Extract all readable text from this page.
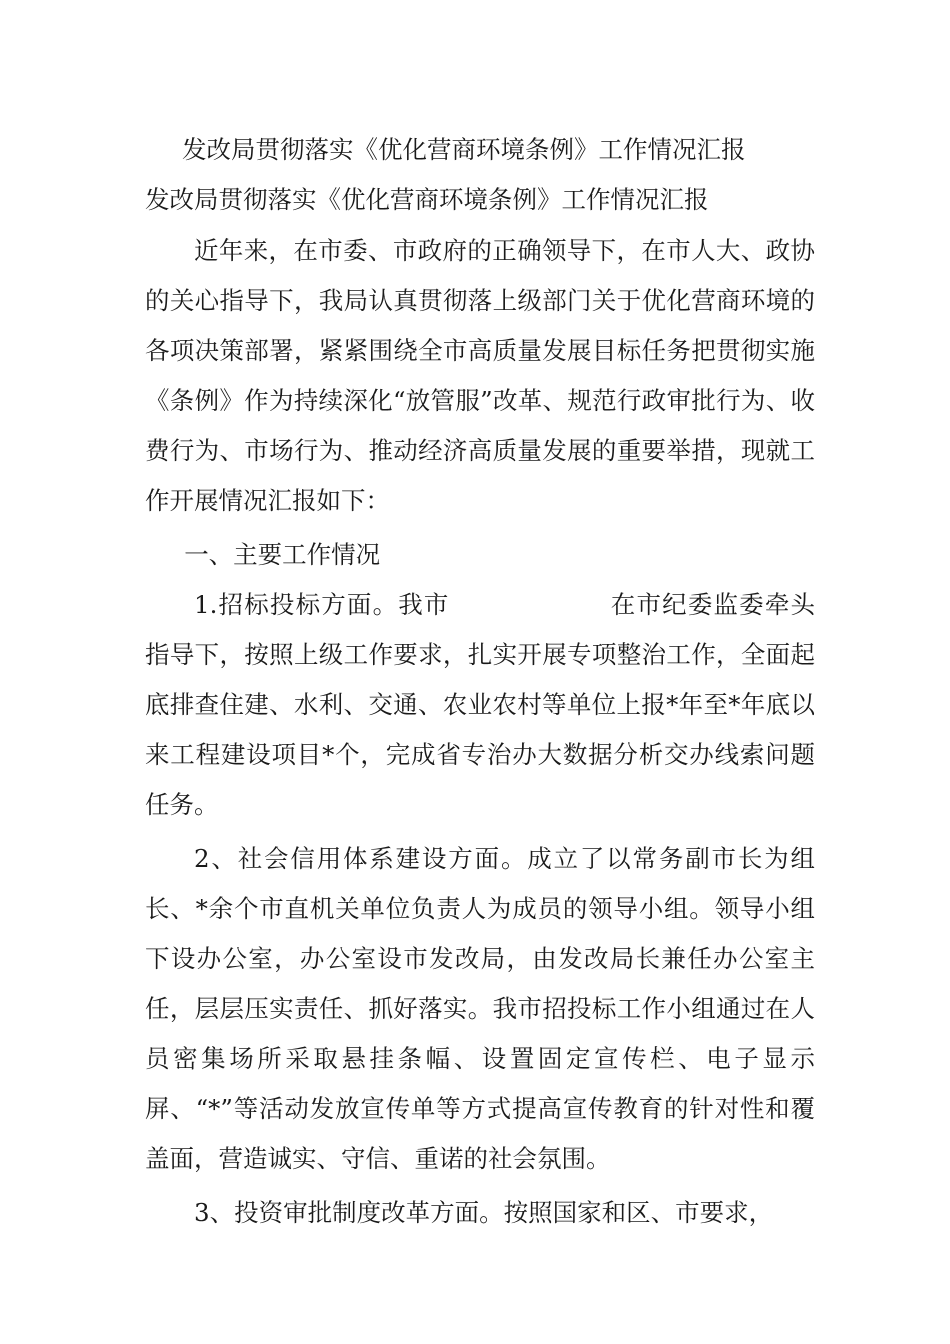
发改局贯彻落实《优化营商环境条例》工作情况汇报
发改局贯彻落实《优化营商环境条例》工作情况汇报

近年来，在市委、市政府的正确领导下，在市人大、政协的关心指导下，我局认真贯彻落上级部门关于优化营商环境的各项决策部署，紧紧围绕全市高质量发展目标任务把贯彻实施《条例》作为持续深化“放管服”改革、规范行政审批行为、收费行为、市场行为、推动经济高质量发展的重要举措，现就工作开展情况汇报如下：

一、主要工作情况

1.招标投标方面。我市	在市纪委监委牵头指导下，按照上级工作要求，扎实开展专项整治工作，全面起底排查住建、水利、交通、农业农村等单位上报*年至*年底以来工程建设项目*个，完成省专治办大数据分析交办线索问题任务。

2、社会信用体系建设方面。成立了以常务副市长为组长、*余个市直机关单位负责人为成员的领导小组。领导小组下设办公室，办公室设市发改局，由发改局长兼任办公室主任，层层压实责任、抓好落实。我市招投标工作小组通过在人员密集场所采取悬挂条幅、设置固定宣传栏、电子显示屏、“*”等活动发放宣传单等方式提高宣传教育的针对性和覆盖面，营造诚实、守信、重诺的社会氛围。

3、投资审批制度改革方面。按照国家和区、市要求，
